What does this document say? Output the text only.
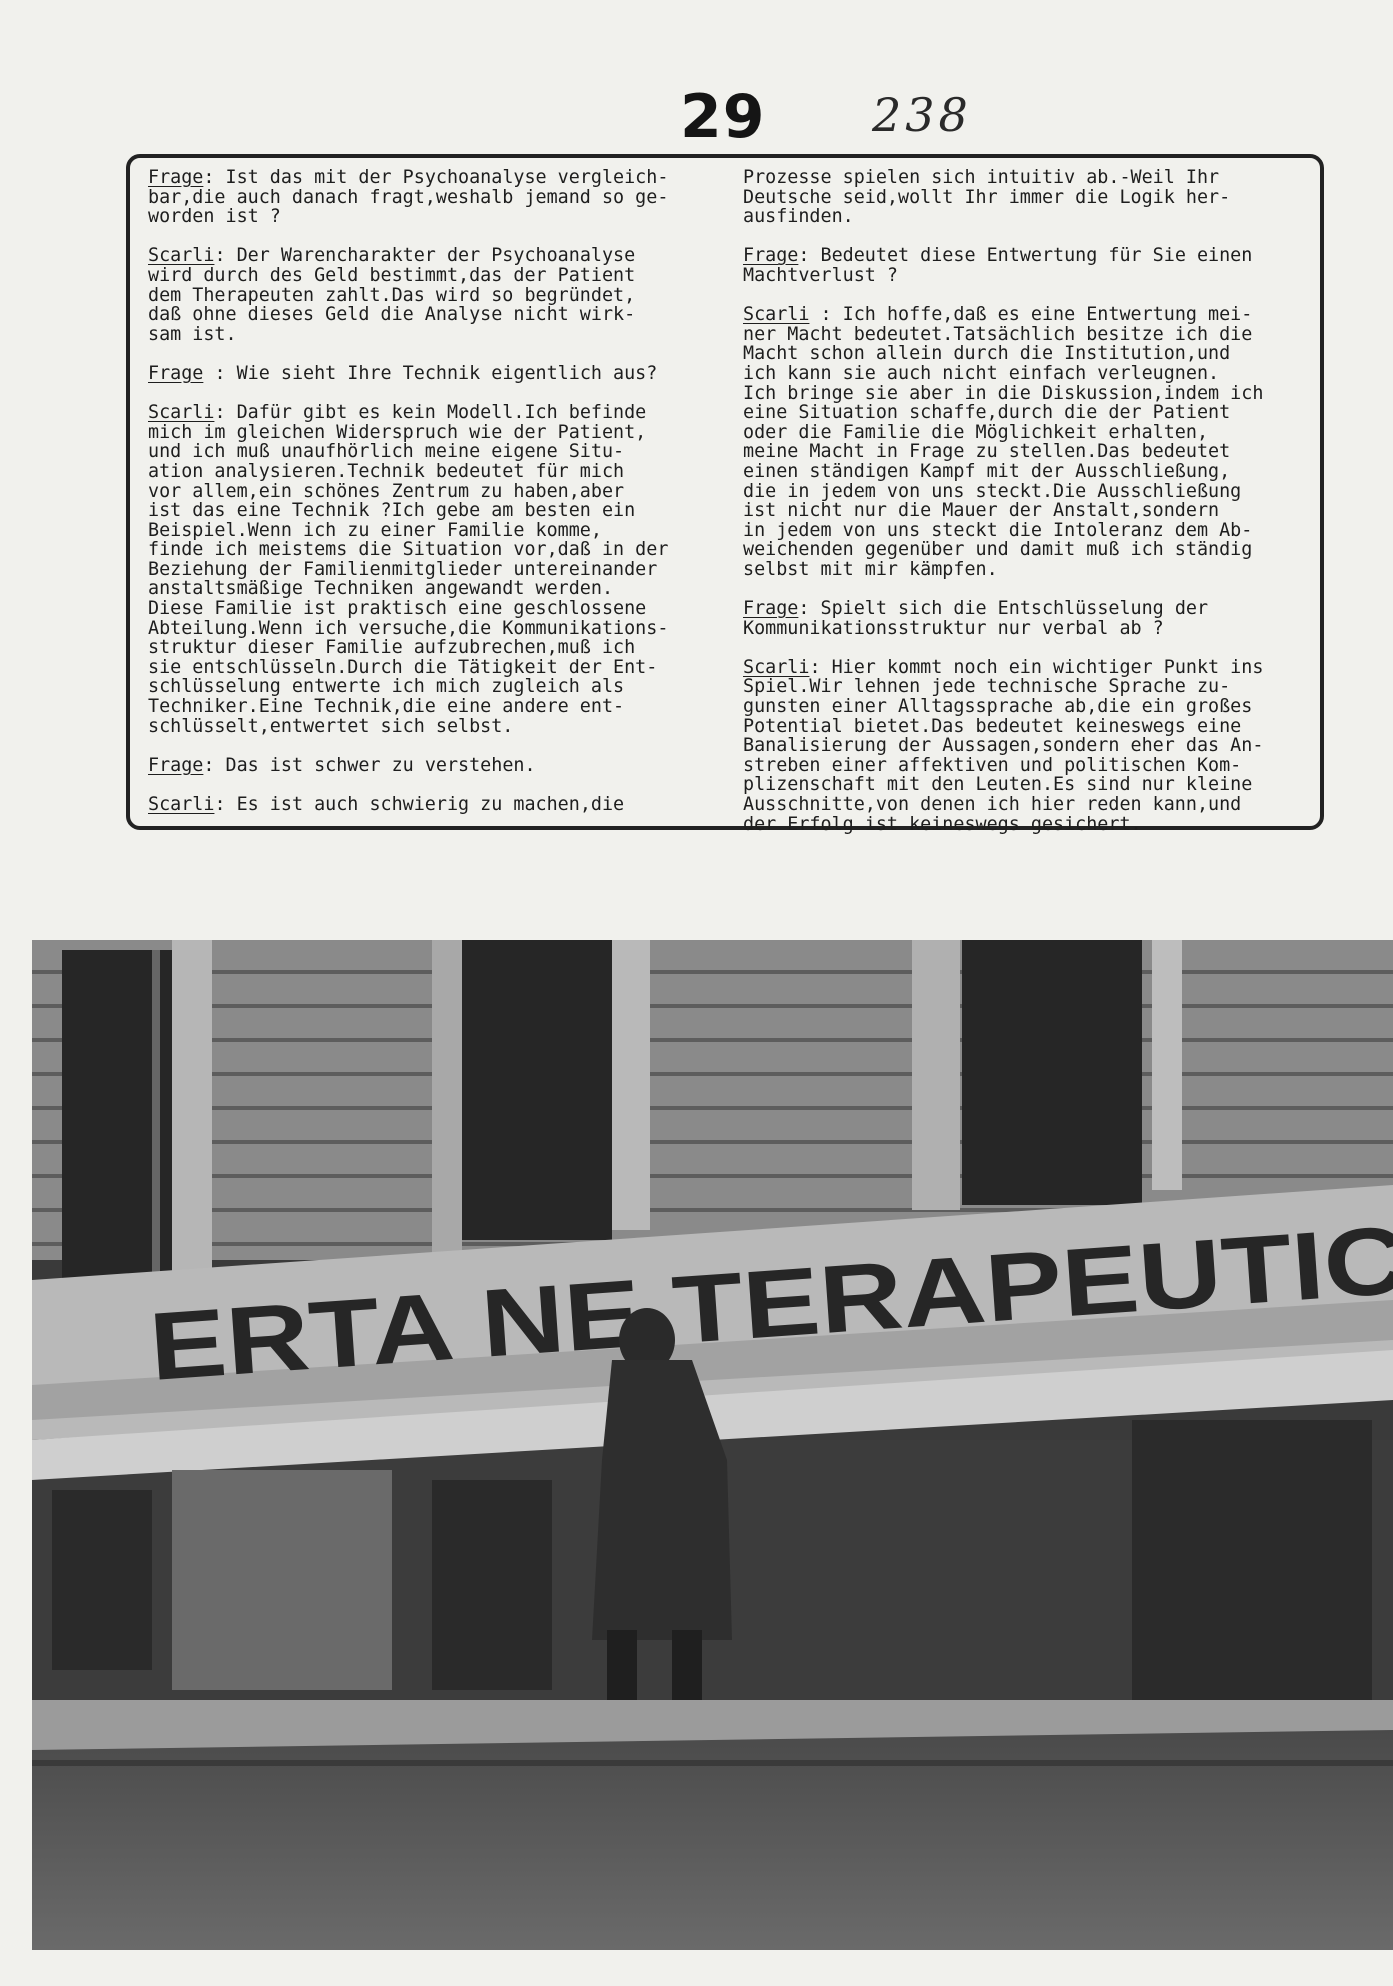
29 238
Frage: Ist das mit der Psychoanalyse vergleich-
bar,die auch danach fragt,weshalb jemand so ge-
worden ist ?
Scarli: Der Warencharakter der Psychoanalyse
wird durch des Geld bestimmt,das der Patient
dem Therapeuten zahlt.Das wird so begründet,
daß ohne dieses Geld die Analyse nicht wirk-
sam ist.
Frage : Wie sieht Ihre Technik eigentlich aus?
Scarli: Dafür gibt es kein Modell.Ich befinde
mich im gleichen Widerspruch wie der Patient,
und ich muß unaufhörlich meine eigene Situ-
ation analysieren.Technik bedeutet für mich
vor allem,ein schönes Zentrum zu haben,aber
ist das eine Technik ?Ich gebe am besten ein
Beispiel.Wenn ich zu einer Familie komme,
finde ich meistems die Situation vor,daß in der
Beziehung der Familienmitglieder untereinander
anstaltsmäßige Techniken angewandt werden.
Diese Familie ist praktisch eine geschlossene
Abteilung.Wenn ich versuche,die Kommunikations-
struktur dieser Familie aufzubrechen,muß ich
sie entschlüsseln.Durch die Tätigkeit der Ent-
schlüsselung entwerte ich mich zugleich als
Techniker.Eine Technik,die eine andere ent-
schlüsselt,entwertet sich selbst.
Frage: Das ist schwer zu verstehen.
Scarli: Es ist auch schwierig zu machen,die
Prozesse spielen sich intuitiv ab.-Weil Ihr
Deutsche seid,wollt Ihr immer die Logik her-
ausfinden.
Frage: Bedeutet diese Entwertung für Sie einen
Machtverlust ?
Scarli : Ich hoffe,daß es eine Entwertung mei-
ner Macht bedeutet.Tatsächlich besitze ich die
Macht schon allein durch die Institution,und
ich kann sie auch nicht einfach verleugnen.
Ich bringe sie aber in die Diskussion,indem ich
eine Situation schaffe,durch die der Patient
oder die Familie die Möglichkeit erhalten,
meine Macht in Frage zu stellen.Das bedeutet
einen ständigen Kampf mit der Ausschließung,
die in jedem von uns steckt.Die Ausschließung
ist nicht nur die Mauer der Anstalt,sondern
in jedem von uns steckt die Intoleranz dem Ab-
weichenden gegenüber und damit muß ich ständig
selbst mit mir kämpfen.
Frage: Spielt sich die Entschlüsselung der
Kommunikationsstruktur nur verbal ab ?
Scarli: Hier kommt noch ein wichtiger Punkt ins
Spiel.Wir lehnen jede technische Sprache zu-
gunsten einer Alltagssprache ab,die ein großes
Potential bietet.Das bedeutet keineswegs eine
Banalisierung der Aussagen,sondern eher das An-
streben einer affektiven und politischen Kom-
plizenschaft mit den Leuten.Es sind nur kleine
Ausschnitte,von denen ich hier reden kann,und
der Erfolg ist keineswegs gesichert.
ERTA NE TERAPEUTIC
